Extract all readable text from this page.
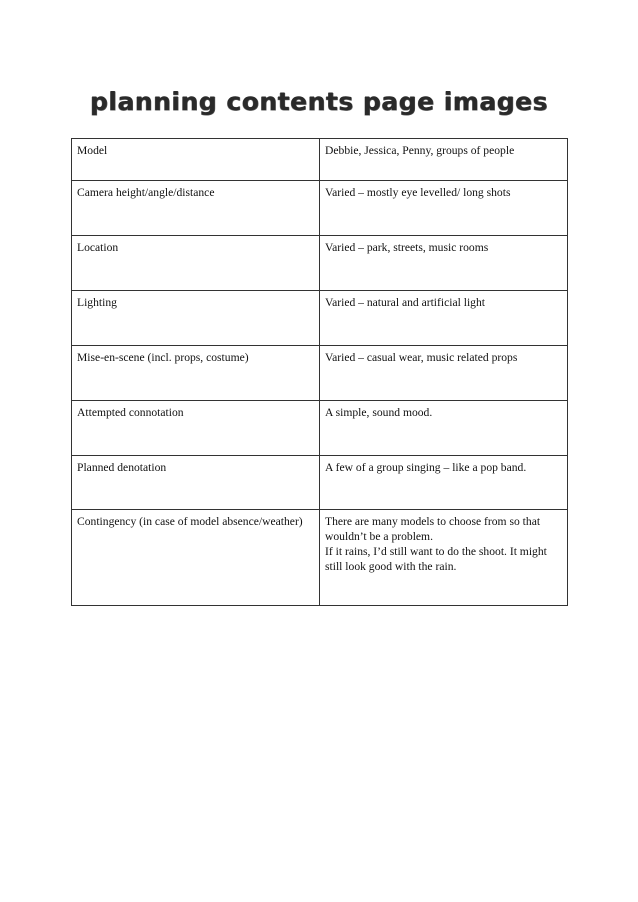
planning contents page images
Model	Debbie, Jessica, Penny, groups of people
Camera height/angle/distance	Varied – mostly eye levelled/ long shots
Location	Varied – park, streets, music rooms
Lighting	Varied – natural and artificial light
Mise-en-scene (incl. props, costume)	Varied – casual wear, music related props
Attempted connotation	A simple, sound mood.
Planned denotation	A few of a group singing – like a pop band.
Contingency (in case of model absence/weather)	There are many models to choose from so that
wouldn’t be a problem.
If it rains, I’d still want to do the shoot. It might
still look good with the rain.
